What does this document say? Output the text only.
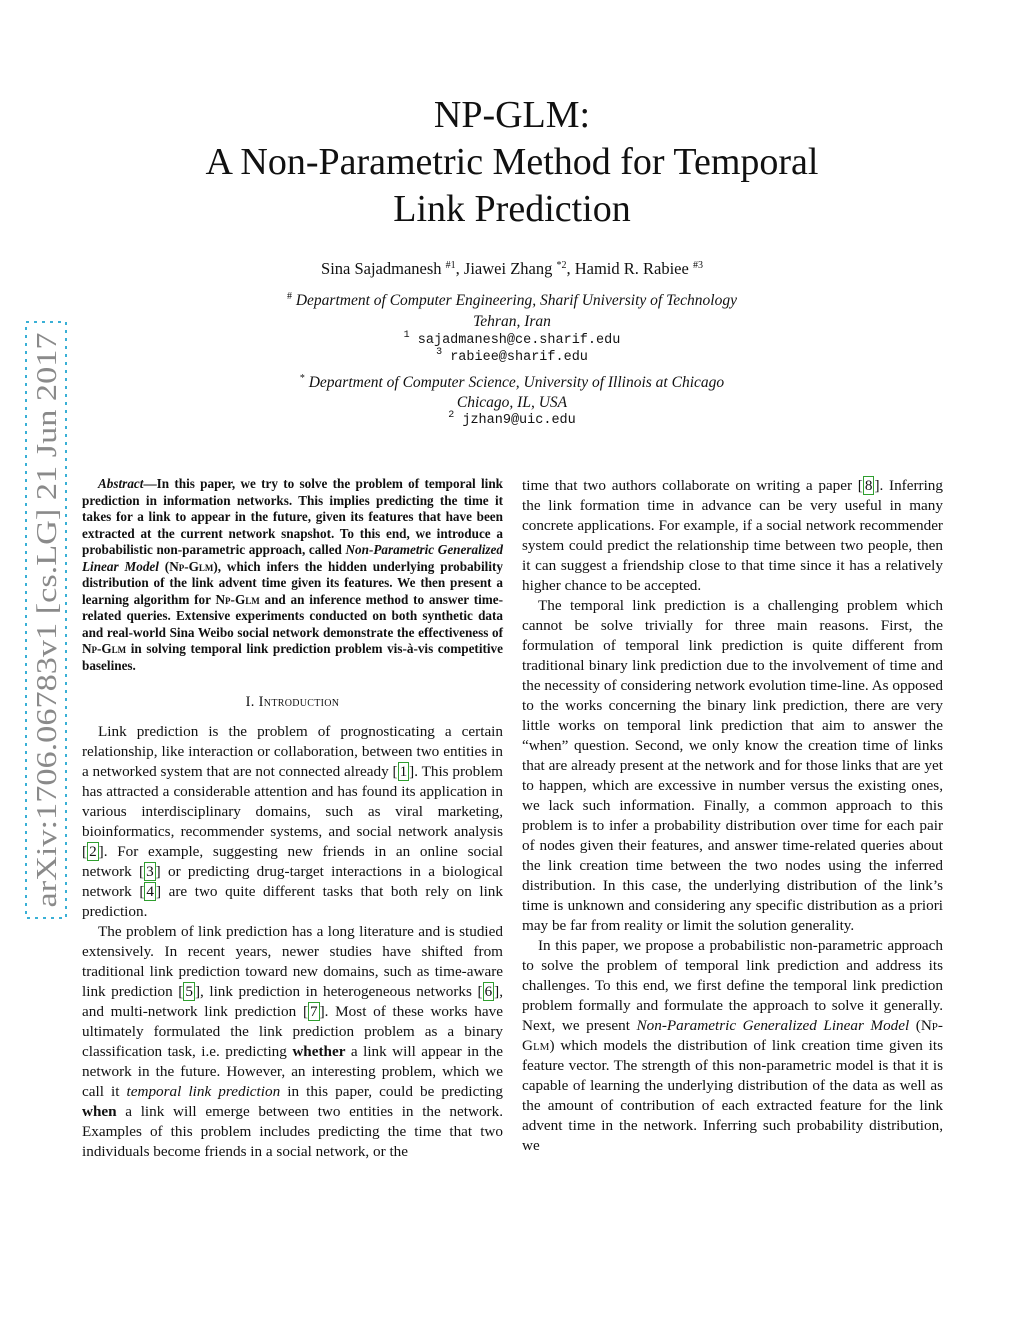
arXiv:1706.06783v1 [cs.LG] 21 Jun 2017
NP-GLM:
A Non-Parametric Method for Temporal
Link Prediction
Sina Sajadmanesh $^{\#1}$, Jiawei Zhang $^{*2}$, Hamid R. Rabiee $^{\#3}$
# Department of Computer Engineering, Sharif University of Technology
Tehran, Iran
$^1$ sajadmanesh@ce.sharif.edu
$^3$ rabiee@sharif.edu
* Department of Computer Science, University of Illinois at Chicago
Chicago, IL, USA
$^2$ jzhan9@uic.edu

Abstract—In this paper, we try to solve the problem of temporal link prediction in information networks. This implies predicting the time it takes for a link to appear in the future, given its features that have been extracted at the current network snapshot. To this end, we introduce a probabilistic non-parametric approach, called Non-Parametric Generalized Linear Model (Np-Glm), which infers the hidden underlying probability distribution of the link advent time given its features. We then present a learning algorithm for Np-Glm and an inference method to answer time-related queries. Extensive experiments conducted on both synthetic data and real-world Sina Weibo social network demonstrate the effectiveness of Np-Glm in solving temporal link prediction problem vis-à-vis competitive baselines.

I. Introduction

Link prediction is the problem of prognosticating a certain relationship, like interaction or collaboration, between two entities in a networked system that are not connected already [ 1 ]. This problem has attracted a considerable attention and has found its application in various interdisciplinary domains, such as viral marketing, bioinformatics, recommender systems, and social network analysis [ 2 ]. For example, suggesting new friends in an online social network [ 3 ] or predicting drug-target interactions in a biological network [ 4 ] are two quite different tasks that both rely on link prediction.

The problem of link prediction has a long literature and is studied extensively. In recent years, newer studies have shifted from traditional link prediction toward new domains, such as time-aware link prediction [ 5 ], link prediction in heterogeneous networks [ 6 ], and multi-network link prediction [ 7 ]. Most of these works have ultimately formulated the link prediction problem as a binary classification task, i.e. predicting whether a link will appear in the network in the future. However, an interesting problem, which we call it temporal link prediction in this paper, could be predicting when a link will emerge between two entities in the network. Examples of this problem includes predicting the time that two individuals become friends in a social network, or the

time that two authors collaborate on writing a paper [ 8 ]. Inferring the link formation time in advance can be very useful in many concrete applications. For example, if a social network recommender system could predict the relationship time between two people, then it can suggest a friendship close to that time since it has a relatively higher chance to be accepted.

The temporal link prediction is a challenging problem which cannot be solve trivially for three main reasons. First, the formulation of temporal link prediction is quite different from traditional binary link prediction due to the involvement of time and the necessity of considering network evolution time-line. As opposed to the works concerning the binary link prediction, there are very little works on temporal link prediction that aim to answer the “when” question. Second, we only know the creation time of links that are already present at the network and for those links that are yet to happen, which are excessive in number versus the existing ones, we lack such information. Finally, a common approach to this problem is to infer a probability distribution over time for each pair of nodes given their features, and answer time-related queries about the link creation time between the two nodes using the inferred distribution. In this case, the underlying distribution of the link’s time is unknown and considering any specific distribution as a priori may be far from reality or limit the solution generality.

In this paper, we propose a probabilistic non-parametric approach to solve the problem of temporal link prediction and address its challenges. To this end, we first define the temporal link prediction problem formally and formulate the approach to solve it generally. Next, we present Non-Parametric Generalized Linear Model (Np-Glm) which models the distribution of link creation time given its feature vector. The strength of this non-parametric model is that it is capable of learning the underlying distribution of the data as well as the amount of contribution of each extracted feature for the link advent time in the network. Inferring such probability distribution, we
